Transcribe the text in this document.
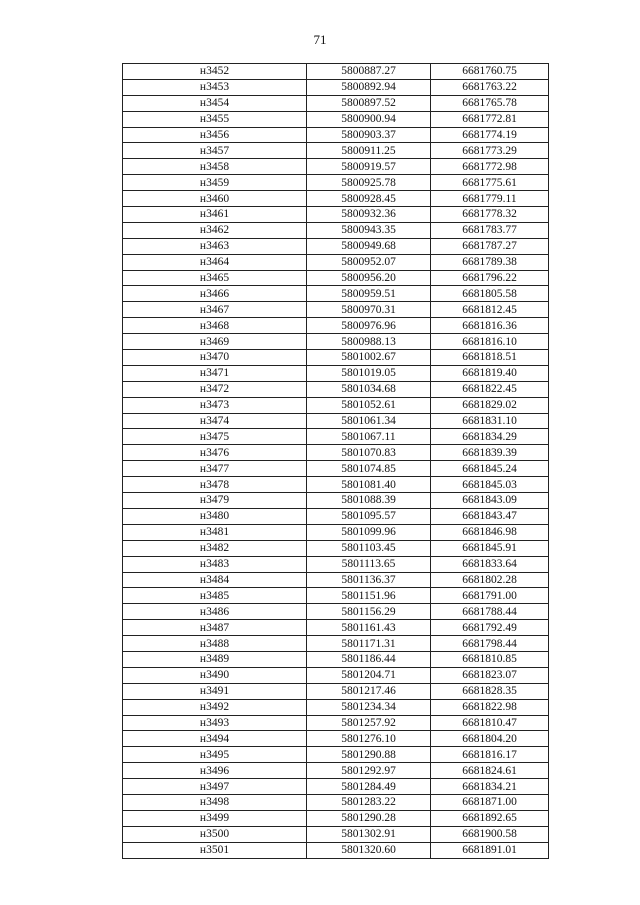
71
н3452	5800887.27	6681760.75
н3453	5800892.94	6681763.22
н3454	5800897.52	6681765.78
н3455	5800900.94	6681772.81
н3456	5800903.37	6681774.19
н3457	5800911.25	6681773.29
н3458	5800919.57	6681772.98
н3459	5800925.78	6681775.61
н3460	5800928.45	6681779.11
н3461	5800932.36	6681778.32
н3462	5800943.35	6681783.77
н3463	5800949.68	6681787.27
н3464	5800952.07	6681789.38
н3465	5800956.20	6681796.22
н3466	5800959.51	6681805.58
н3467	5800970.31	6681812.45
н3468	5800976.96	6681816.36
н3469	5800988.13	6681816.10
н3470	5801002.67	6681818.51
н3471	5801019.05	6681819.40
н3472	5801034.68	6681822.45
н3473	5801052.61	6681829.02
н3474	5801061.34	6681831.10
н3475	5801067.11	6681834.29
н3476	5801070.83	6681839.39
н3477	5801074.85	6681845.24
н3478	5801081.40	6681845.03
н3479	5801088.39	6681843.09
н3480	5801095.57	6681843.47
н3481	5801099.96	6681846.98
н3482	5801103.45	6681845.91
н3483	5801113.65	6681833.64
н3484	5801136.37	6681802.28
н3485	5801151.96	6681791.00
н3486	5801156.29	6681788.44
н3487	5801161.43	6681792.49
н3488	5801171.31	6681798.44
н3489	5801186.44	6681810.85
н3490	5801204.71	6681823.07
н3491	5801217.46	6681828.35
н3492	5801234.34	6681822.98
н3493	5801257.92	6681810.47
н3494	5801276.10	6681804.20
н3495	5801290.88	6681816.17
н3496	5801292.97	6681824.61
н3497	5801284.49	6681834.21
н3498	5801283.22	6681871.00
н3499	5801290.28	6681892.65
н3500	5801302.91	6681900.58
н3501	5801320.60	6681891.01
